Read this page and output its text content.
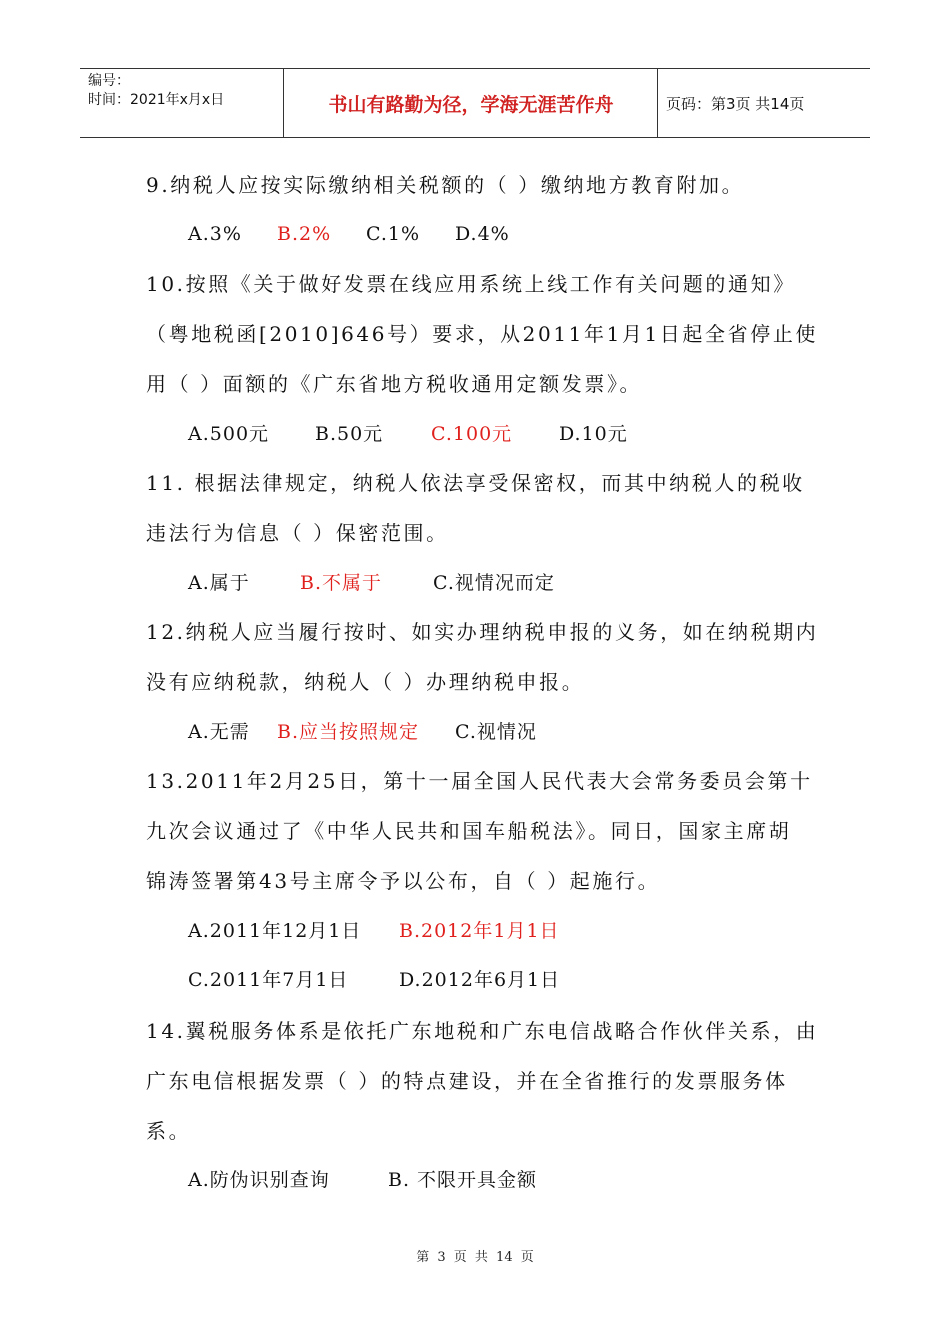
编号：
时间：2021年x月x日	书山有路勤为径，学海无涯苦作舟	页码：第3页 共14页
9.纳税人应按实际缴纳相关税额的（ ）缴纳地方教育附加。
A.3% B.2% C.1% D.4%
10.按照《关于做好发票在线应用系统上线工作有关问题的通知》
（粤地税函[2010]646号）要求，从2011年1月1日起全省停止使
用（ ）面额的《广东省地方税收通用定额发票》。
A.500元 B.50元	C.100元 D.10元
11. 根据法律规定，纳税人依法享受保密权，而其中纳税人的税收
违法行为信息（ ）保密范围。
A.属于	B.不属于	C.视情况而定
12.纳税人应当履行按时、如实办理纳税申报的义务，如在纳税期内
没有应纳税款，纳税人（ ）办理纳税申报。
A.无需 B.应当按照规定 C.视情况
13.2011年2月25日，第十一届全国人民代表大会常务委员会第十
九次会议通过了《中华人民共和国车船税法》。同日，国家主席胡
锦涛签署第43号主席令予以公布，自（ ）起施行。
A.2011年12月1日 B.2012年1月1日
C.2011年7月1日	D.2012年6月1日
14.翼税服务体系是依托广东地税和广东电信战略合作伙伴关系，由
广东电信根据发票（ ）的特点建设，并在全省推行的发票服务体
系。
A.防伪识别查询	B. 不限开具金额
第 3 页 共 14 页
